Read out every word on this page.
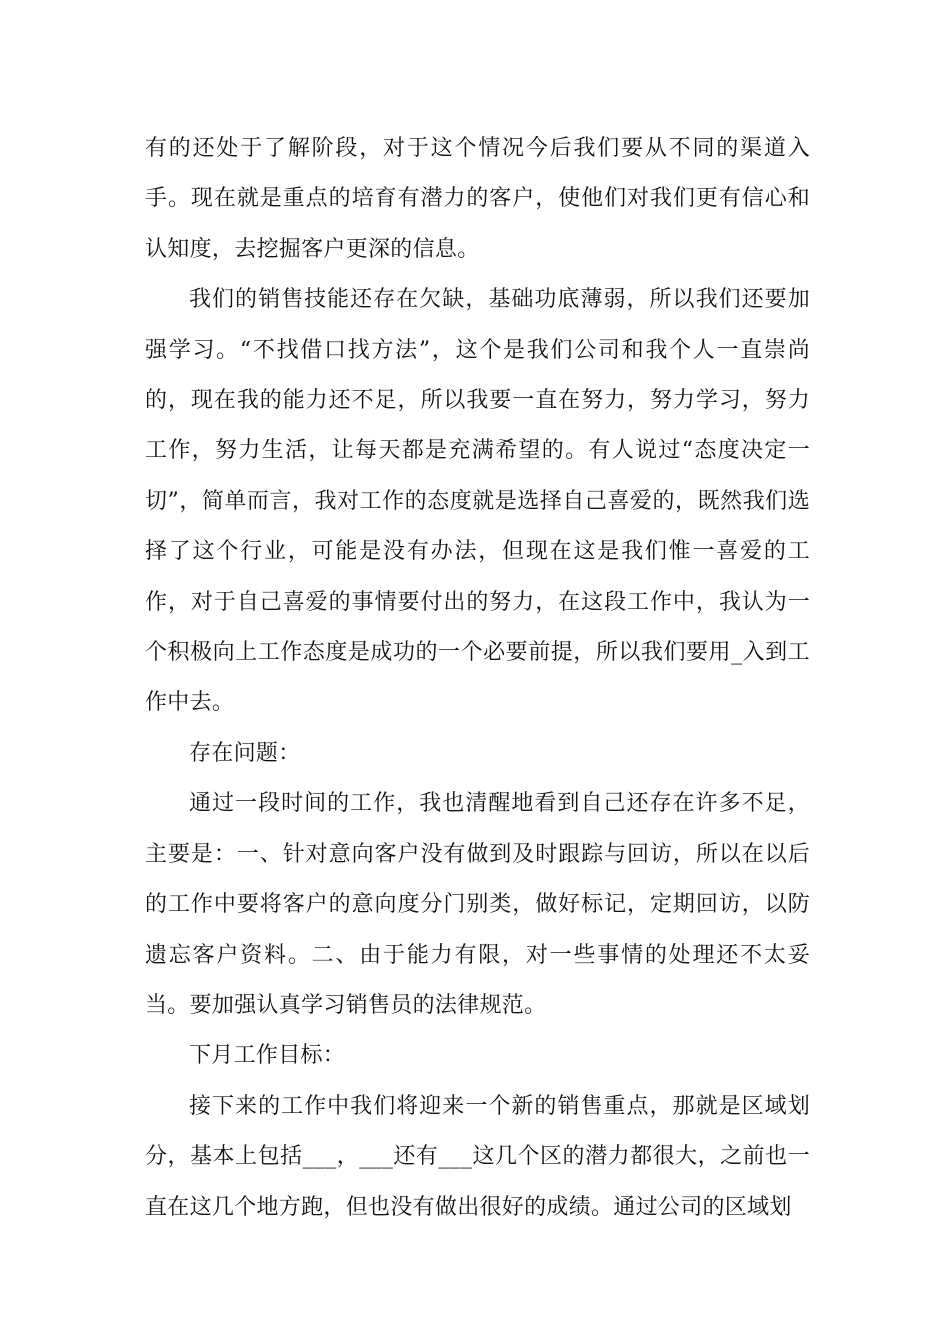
有的还处于了解阶段，对于这个情况今后我们要从不同的渠道入手。现在就是重点的培育有潜力的客户，使他们对我们更有信心和认知度，去挖掘客户更深的信息。

我们的销售技能还存在欠缺，基础功底薄弱，所以我们还要加强学习。“不找借口找方法”，这个是我们公司和我个人一直崇尚的，现在我的能力还不足，所以我要一直在努力，努力学习，努力工作，努力生活，让每天都是充满希望的。有人说过“态度决定一切”，简单而言，我对工作的态度就是选择自己喜爱的，既然我们选择了这个行业，可能是没有办法，但现在这是我们惟一喜爱的工作，对于自己喜爱的事情要付出的努力，在这段工作中，我认为一个积极向上工作态度是成功的一个必要前提，所以我们要用_入到工作中去。

存在问题：

通过一段时间的工作，我也清醒地看到自己还存在许多不足，主要是：一、针对意向客户没有做到及时跟踪与回访，所以在以后的工作中要将客户的意向度分门别类，做好标记，定期回访，以防遗忘客户资料。二、由于能力有限，对一些事情的处理还不太妥当。要加强认真学习销售员的法律规范。

下月工作目标：

接下来的工作中我们将迎来一个新的销售重点，那就是区域划分，基本上包括___，___还有___这几个区的潜力都很大，之前也一直在这几个地方跑，但也没有做出很好的成绩。通过公司的区域划
